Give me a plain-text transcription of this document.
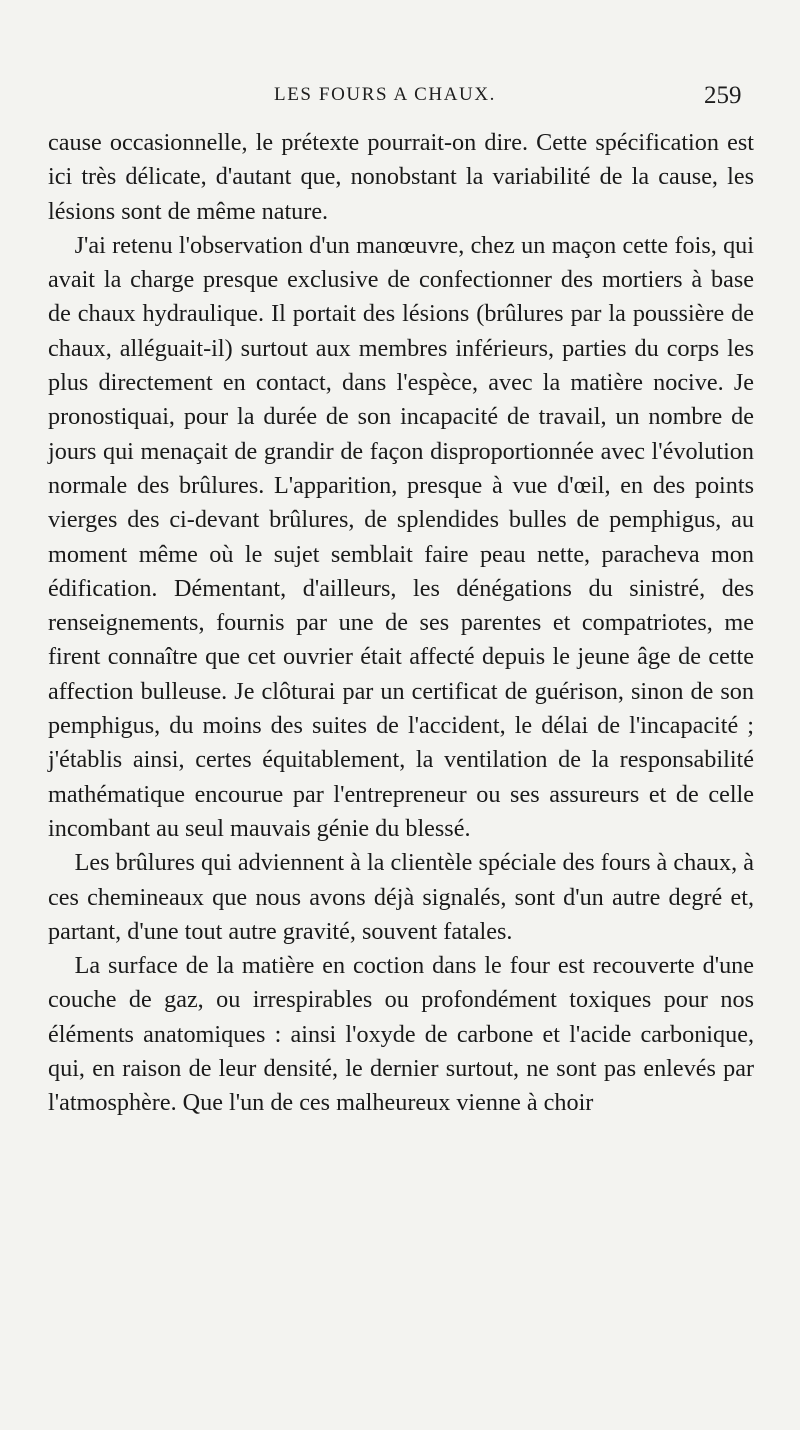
LES FOURS A CHAUX.	259

cause occasionnelle, le prétexte pourrait-on dire. Cette spécification est ici très délicate, d'autant que, nonobstant la variabilité de la cause, les lésions sont de même nature.

J'ai retenu l'observation d'un manœuvre, chez un maçon cette fois, qui avait la charge presque exclusive de confectionner des mortiers à base de chaux hydraulique. Il portait des lésions (brûlures par la poussière de chaux, alléguait-il) surtout aux membres inférieurs, parties du corps les plus directement en contact, dans l'espèce, avec la matière nocive. Je pronostiquai, pour la durée de son incapacité de travail, un nombre de jours qui menaçait de grandir de façon disproportionnée avec l'évolution normale des brûlures. L'apparition, presque à vue d'œil, en des points vierges des ci-devant brûlures, de splendides bulles de pemphigus, au moment même où le sujet semblait faire peau nette, paracheva mon édification. Démentant, d'ailleurs, les dénégations du sinistré, des renseignements, fournis par une de ses parentes et compatriotes, me firent connaître que cet ouvrier était affecté depuis le jeune âge de cette affection bulleuse. Je clôturai par un certificat de guérison, sinon de son pemphigus, du moins des suites de l'accident, le délai de l'incapacité ; j'établis ainsi, certes équitablement, la ventilation de la responsabilité mathématique encourue par l'entrepreneur ou ses assureurs et de celle incombant au seul mauvais génie du blessé.

Les brûlures qui adviennent à la clientèle spéciale des fours à chaux, à ces chemineaux que nous avons déjà signalés, sont d'un autre degré et, partant, d'une tout autre gravité, souvent fatales.

La surface de la matière en coction dans le four est recouverte d'une couche de gaz, ou irrespirables ou profondément toxiques pour nos éléments anatomiques : ainsi l'oxyde de carbone et l'acide carbonique, qui, en raison de leur densité, le dernier surtout, ne sont pas enlevés par l'atmosphère. Que l'un de ces malheureux vienne à choir
